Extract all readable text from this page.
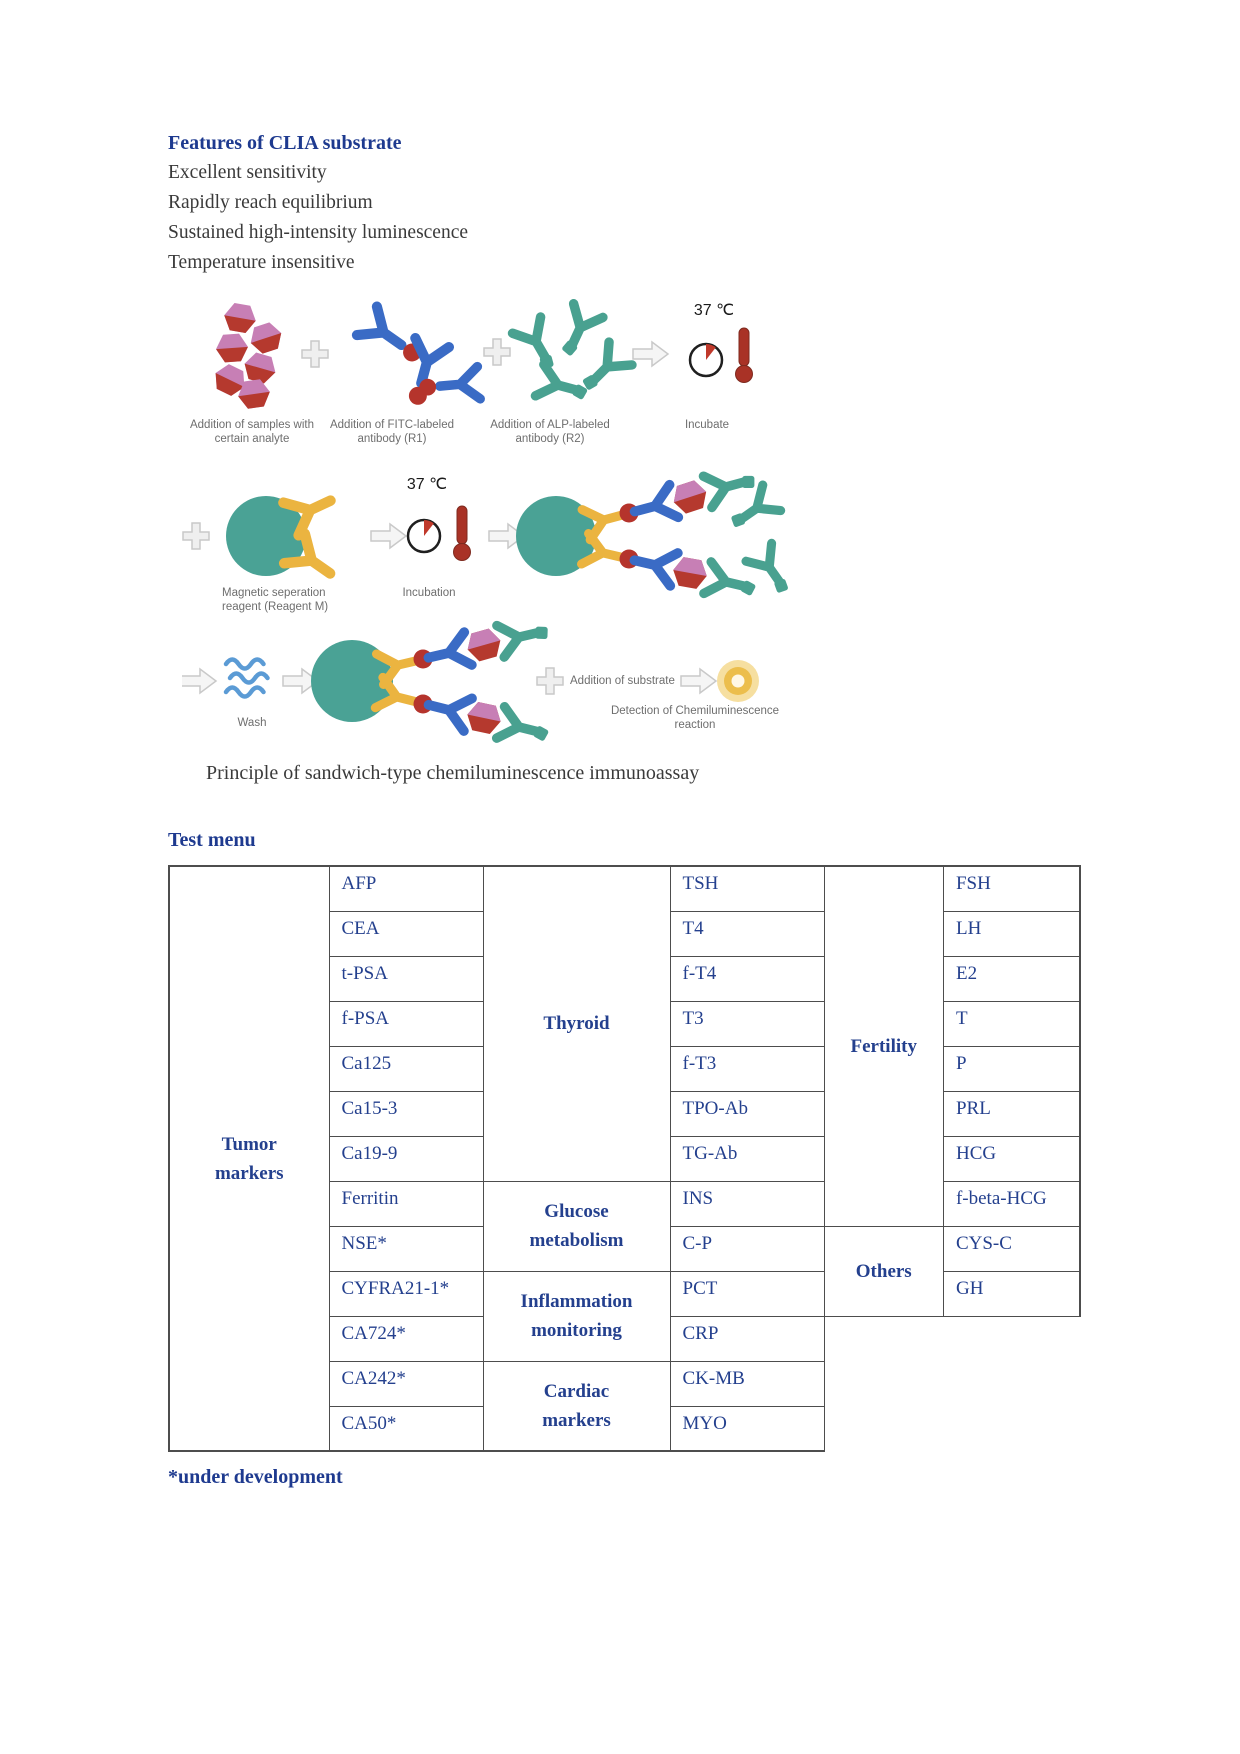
Features of CLIA substrate
Excellent sensitivity
Rapidly reach equilibrium
Sustained high-intensity luminescence
Temperature insensitive
37 ℃
Addition of samples with certain analyte
Addition of FITC-labeled antibody (R1)
Addition of ALP-labeled antibody (R2)
Incubate
37 ℃
Magnetic seperation reagent (Reagent M)
Incubation
Wash
Addition of substrate
Detection of Chemiluminescence reaction
Principle of sandwich-type chemiluminescence immunoassay
Test menu
Tumor markers	AFP	Thyroid	TSH	Fertility	FSH
	CEA		T4		LH
	t-PSA		f-T4		E2
	f-PSA		T3		T
	Ca125		f-T3		P
	Ca15-3		TPO-Ab		PRL
	Ca19-9		TG-Ab		HCG
	Ferritin	Glucose metabolism	INS		f-beta-HCG
	NSE*		C-P	Others	CYS-C
	CYFRA21-1*	Inflammation monitoring	PCT		GH
	CA724*		CRP		
	CA242*	Cardiac markers	CK-MB		
	CA50*		MYO		
*under development
